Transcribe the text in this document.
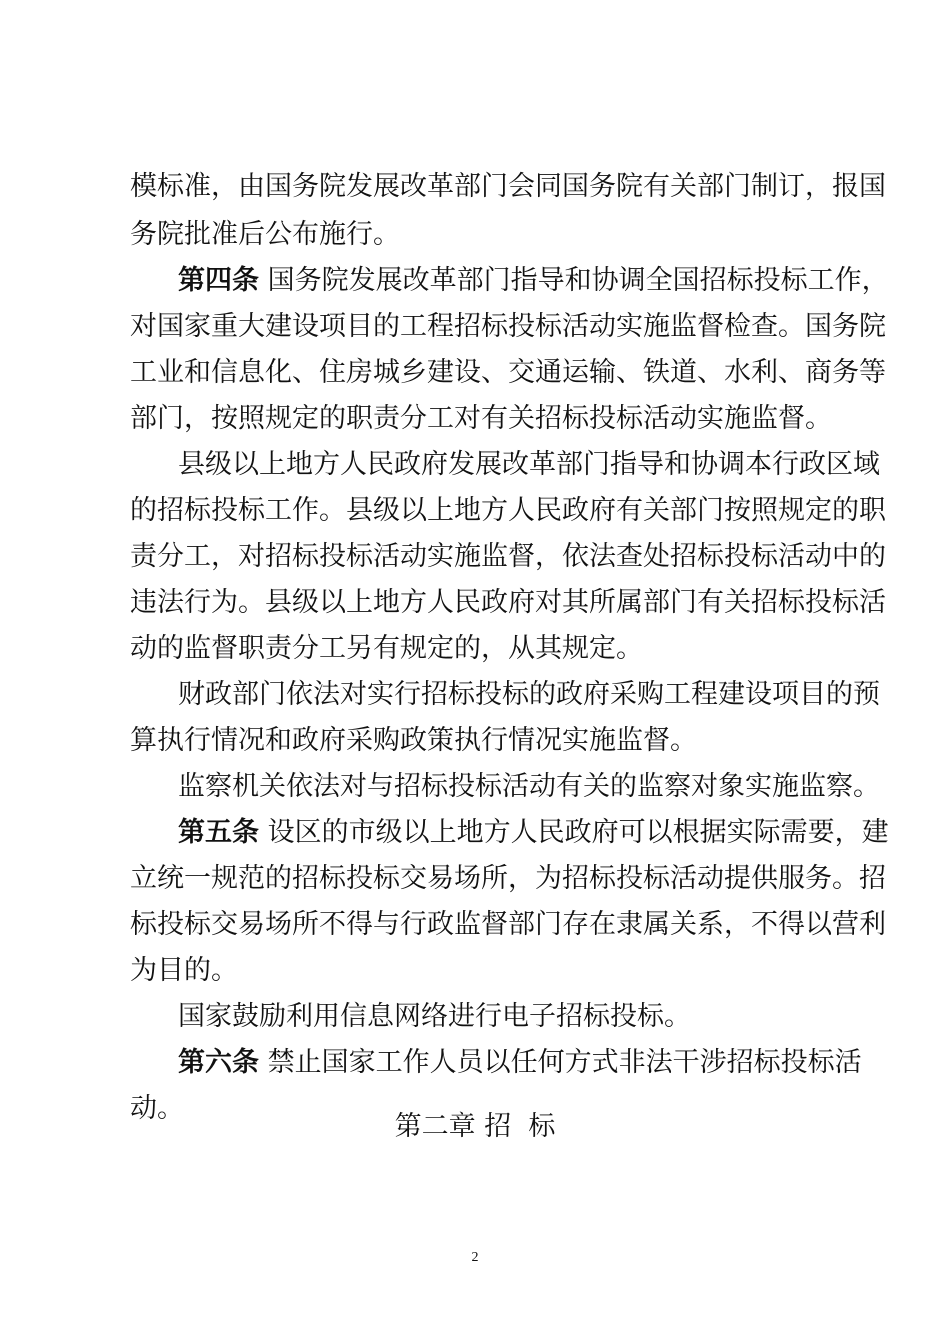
模标准，由国务院发展改革部门会同国务院有关部门制订，报国
务院批准后公布施行。
第四条 国务院发展改革部门指导和协调全国招标投标工作，
对国家重大建设项目的工程招标投标活动实施监督检查。国务院
工业和信息化、住房城乡建设、交通运输、铁道、水利、商务等
部门，按照规定的职责分工对有关招标投标活动实施监督。
县级以上地方人民政府发展改革部门指导和协调本行政区域
的招标投标工作。县级以上地方人民政府有关部门按照规定的职
责分工，对招标投标活动实施监督，依法查处招标投标活动中的
违法行为。县级以上地方人民政府对其所属部门有关招标投标活
动的监督职责分工另有规定的，从其规定。
财政部门依法对实行招标投标的政府采购工程建设项目的预
算执行情况和政府采购政策执行情况实施监督。
监察机关依法对与招标投标活动有关的监察对象实施监察。
第五条 设区的市级以上地方人民政府可以根据实际需要，建
立统一规范的招标投标交易场所，为招标投标活动提供服务。招
标投标交易场所不得与行政监督部门存在隶属关系，不得以营利
为目的。
国家鼓励利用信息网络进行电子招标投标。
第六条 禁止国家工作人员以任何方式非法干涉招标投标活
动。
第二章 招  标
2
